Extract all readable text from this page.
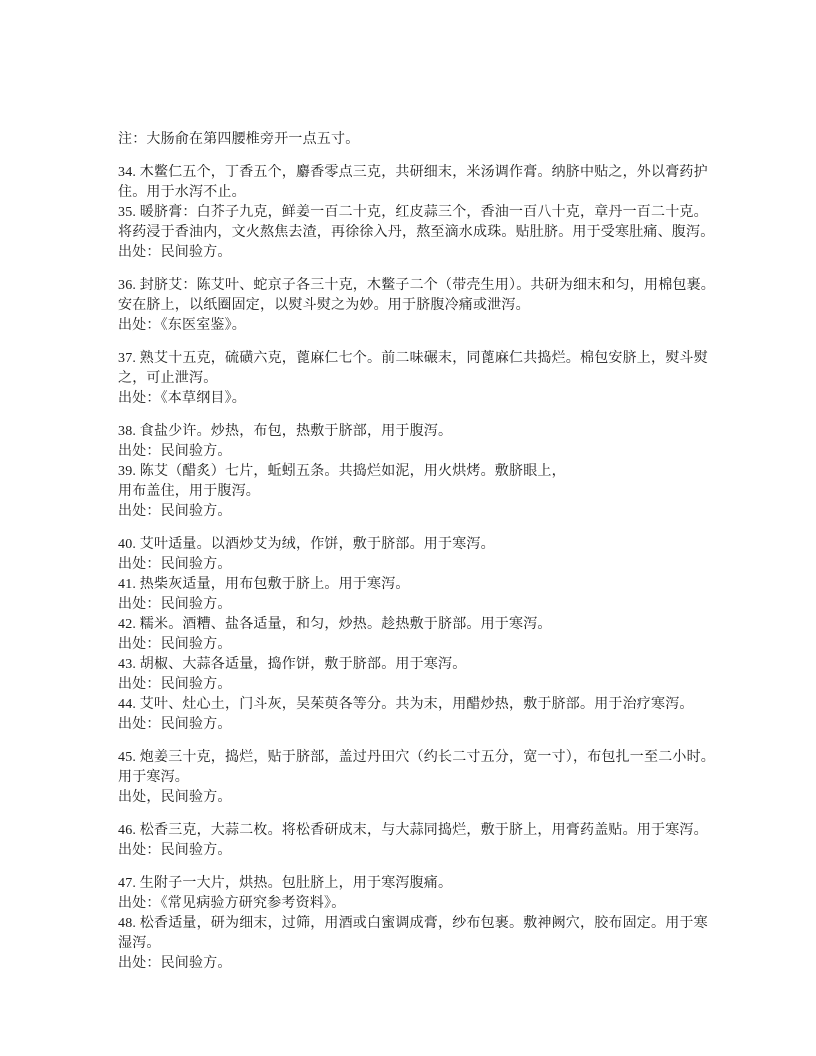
注：大肠俞在第四腰椎旁开一点五寸。
34. 木鳖仁五个，丁香五个，麝香零点三克，共研细末，米汤调作膏。纳脐中贴之，外以膏药护
住。用于水泻不止。
35. 暖脐膏：白芥子九克，鲜姜一百二十克，红皮蒜三个，香油一百八十克，章丹一百二十克。
将药浸于香油内，文火熬焦去渣，再徐徐入丹，熬至滴水成珠。贴肚脐。用于受寒肚痛、腹泻。
出处：民间验方。
36. 封脐艾：陈艾叶、蛇京子各三十克，木鳖子二个（带壳生用）。共研为细末和匀，用棉包裹。
安在脐上，以纸圈固定，以熨斗熨之为妙。用于脐腹冷痛或泄泻。
出处：《东医室鉴》。
37. 熟艾十五克，硫磺六克，蓖麻仁七个。前二味碾末，同蓖麻仁共捣烂。棉包安脐上，熨斗熨
之，可止泄泻。
出处：《本草纲目》。
38. 食盐少许。炒热，布包，热敷于脐部，用于腹泻。
出处：民间验方。
39. 陈艾（醋炙）七片，蚯蚓五条。共捣烂如泥，用火烘烤。敷脐眼上，
用布盖住，用于腹泻。
出处：民间验方。
40. 艾叶适量。以酒炒艾为绒，作饼，敷于脐部。用于寒泻。
出处：民间验方。
41. 热柴灰适量，用布包敷于脐上。用于寒泻。
出处：民间验方。
42. 糯米。酒糟、盐各适量，和匀，炒热。趁热敷于脐部。用于寒泻。
出处：民间验方。
43. 胡椒、大蒜各适量，捣作饼，敷于脐部。用于寒泻。
出处：民间验方。
44. 艾叶、灶心土，门斗灰，吴茱萸各等分。共为末，用醋炒热，敷于脐部。用于治疗寒泻。
出处：民间验方。
45. 炮姜三十克，捣烂，贴于脐部，盖过丹田穴（约长二寸五分，宽一寸），布包扎一至二小时。
用于寒泻。
出处，民间验方。
46. 松香三克，大蒜二枚。将松香研成末，与大蒜同捣烂，敷于脐上，用膏药盖贴。用于寒泻。
出处：民间验方。
47. 生附子一大片，烘热。包肚脐上，用于寒泻腹痛。
出处：《常见病验方研究参考资料》。
48. 松香适量，研为细末，过筛，用酒或白蜜调成膏，纱布包裹。敷神阙穴，胶布固定。用于寒
湿泻。
出处：民间验方。
